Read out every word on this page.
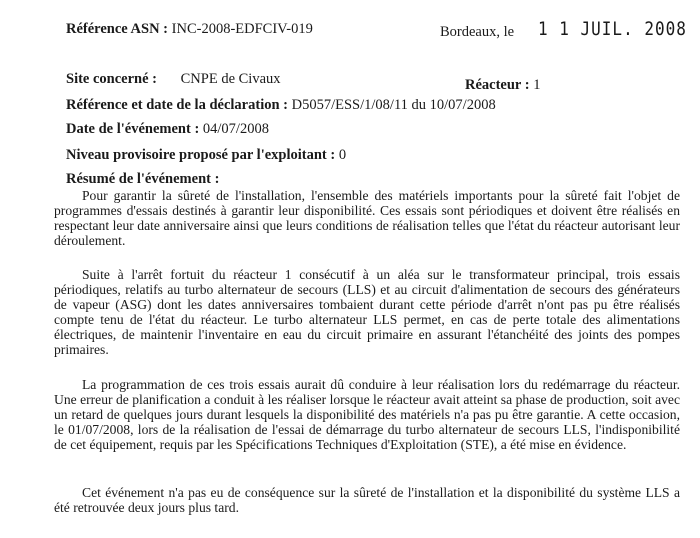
Référence ASN : INC-2008-EDFCIV-019	Bordeaux, le 1 1 JUIL. 2008
Site concerné : CNPE de Civaux	Réacteur : 1
Référence et date de la déclaration : D5057/ESS/1/08/11 du 10/07/2008
Date de l'événement : 04/07/2008
Niveau provisoire proposé par l'exploitant : 0
Résumé de l'événement :

Pour garantir la sûreté de l'installation, l'ensemble des matériels importants pour la sûreté fait l'objet de programmes d'essais destinés à garantir leur disponibilité. Ces essais sont périodiques et doivent être réalisés en respectant leur date anniversaire ainsi que leurs conditions de réalisation telles que l'état du réacteur autorisant leur déroulement.

Suite à l'arrêt fortuit du réacteur 1 consécutif à un aléa sur le transformateur principal, trois essais périodiques, relatifs au turbo alternateur de secours (LLS) et au circuit d'alimentation de secours des générateurs de vapeur (ASG) dont les dates anniversaires tombaient durant cette période d'arrêt n'ont pas pu être réalisés compte tenu de l'état du réacteur. Le turbo alternateur LLS permet, en cas de perte totale des alimentations électriques, de maintenir l'inventaire en eau du circuit primaire en assurant l'étanchéité des joints des pompes primaires.

La programmation de ces trois essais aurait dû conduire à leur réalisation lors du redémarrage du réacteur. Une erreur de planification a conduit à les réaliser lorsque le réacteur avait atteint sa phase de production, soit avec un retard de quelques jours durant lesquels la disponibilité des matériels n'a pas pu être garantie. A cette occasion, le 01/07/2008, lors de la réalisation de l'essai de démarrage du turbo alternateur de secours LLS, l'indisponibilité de cet équipement, requis par les Spécifications Techniques d'Exploitation (STE), a été mise en évidence.

Cet événement n'a pas eu de conséquence sur la sûreté de l'installation et la disponibilité du système LLS a été retrouvée deux jours plus tard.
